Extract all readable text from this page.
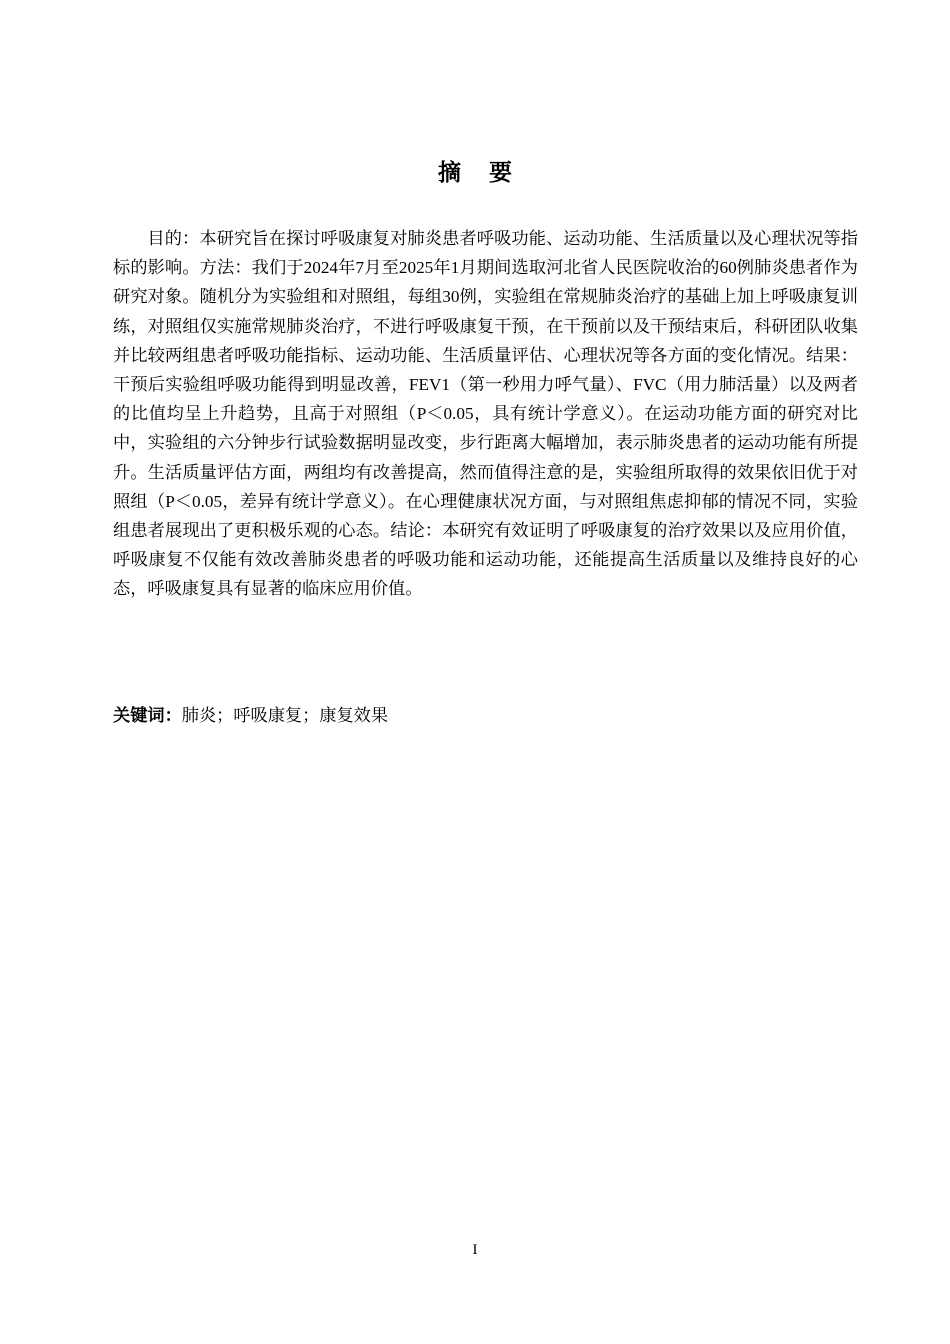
摘要

目的：本研究旨在探讨呼吸康复对肺炎患者呼吸功能、运动功能、生活质量以及心理状况等指标的影响。方法：我们于2024年7月至2025年1月期间选取河北省人民医院收治的60例肺炎患者作为研究对象。随机分为实验组和对照组，每组30例，实验组在常规肺炎治疗的基础上加上呼吸康复训练，对照组仅实施常规肺炎治疗，不进行呼吸康复干预，在干预前以及干预结束后，科研团队收集并比较两组患者呼吸功能指标、运动功能、生活质量评估、心理状况等各方面的变化情况。结果：干预后实验组呼吸功能得到明显改善，FEV1（第一秒用力呼气量）、FVC（用力肺活量）以及两者的比值均呈上升趋势，且高于对照组（P＜0.05，具有统计学意义）。在运动功能方面的研究对比中，实验组的六分钟步行试验数据明显改变，步行距离大幅增加，表示肺炎患者的运动功能有所提升。生活质量评估方面，两组均有改善提高，然而值得注意的是，实验组所取得的效果依旧优于对照组（P＜0.05，差异有统计学意义）。在心理健康状况方面，与对照组焦虑抑郁的情况不同，实验组患者展现出了更积极乐观的心态。结论：本研究有效证明了呼吸康复的治疗效果以及应用价值，呼吸康复不仅能有效改善肺炎患者的呼吸功能和运动功能，还能提高生活质量以及维持良好的心态，呼吸康复具有显著的临床应用价值。

关键词：肺炎；呼吸康复；康复效果

I
